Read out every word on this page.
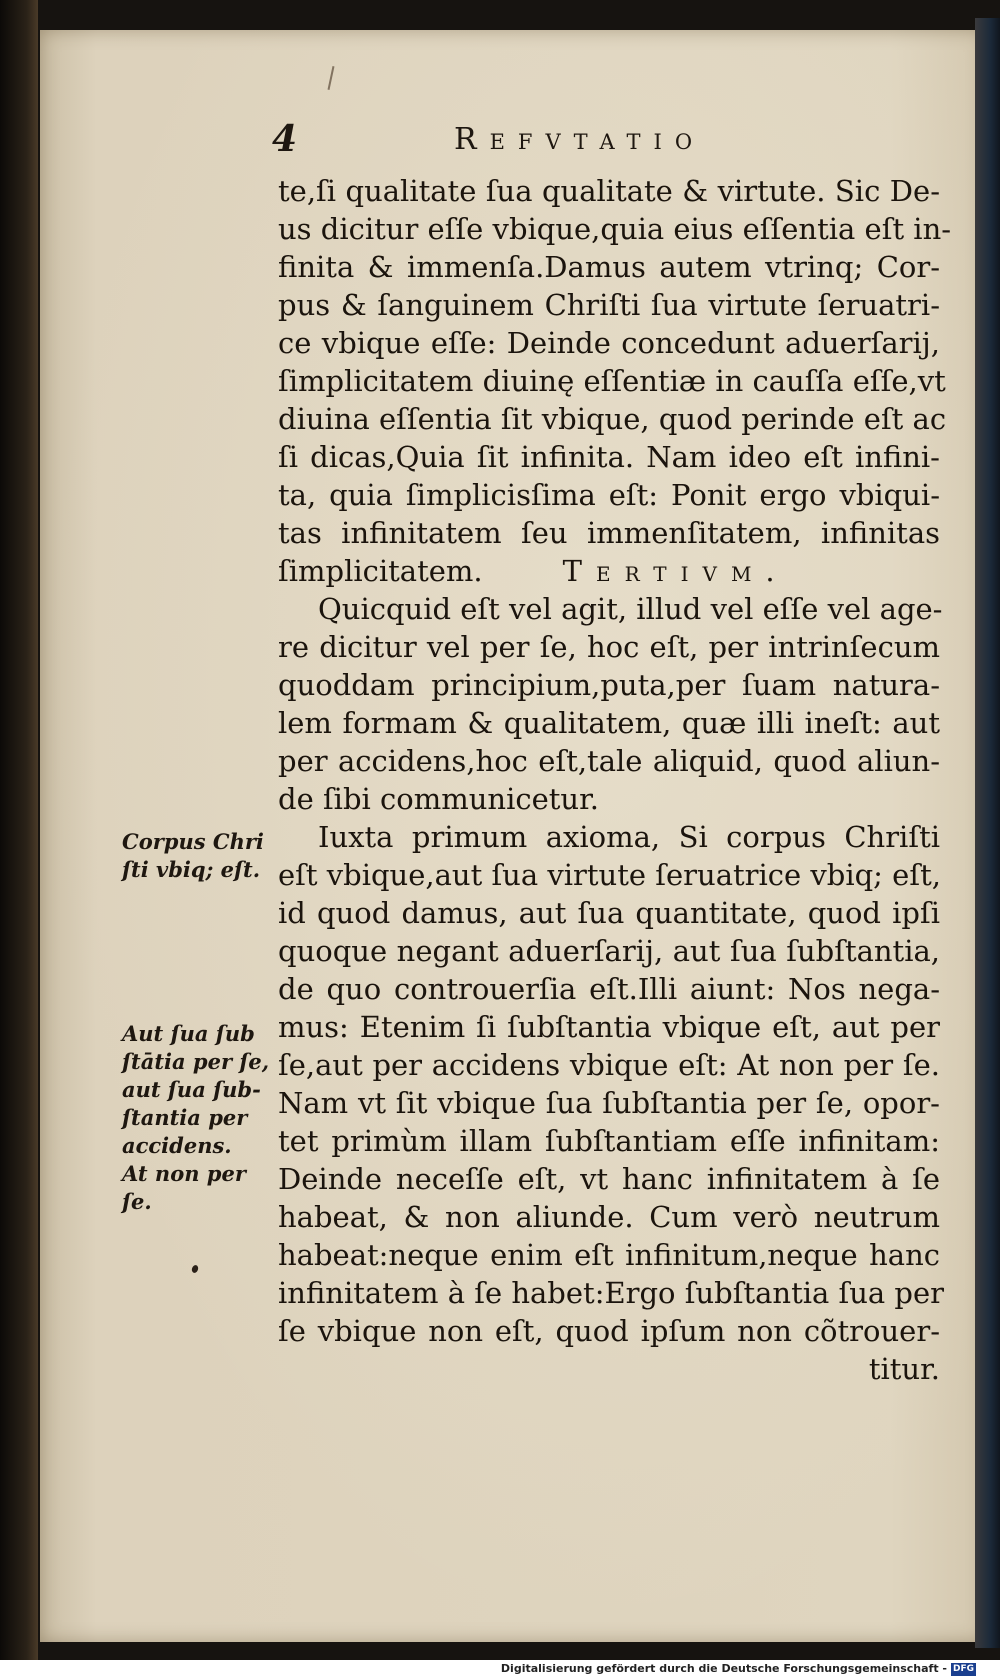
4	Refvtatio
te,ſi qualitate ſua qualitate & virtute. Sic De-
us dicitur eſſe vbique,quia eius eſſentia eſt in-
finita & immenſa.Damus autem vtrinq; Cor-
pus & ſanguinem Chriſti ſua virtute ſeruatri-
ce vbique eſſe: Deinde concedunt aduerſarij,
ſimplicitatem diuinę eſſentiæ in cauſſa eſſe,vt
diuina eſſentia ſit vbique, quod perinde eſt ac
ſi dicas,Quia ſit infinita. Nam ideo eſt infini-
ta, quia ſimplicisſima eſt: Ponit ergo vbiqui-
tas infinitatem ſeu immenſitatem, infinitas
ſimplicitatem.	Tertivm.
Quicquid eſt vel agit, illud vel eſſe vel age-
re dicitur vel per ſe, hoc eſt, per intrinſecum
quoddam principium,puta,per ſuam natura-
lem formam & qualitatem, quæ illi ineſt: aut
per accidens,hoc eſt,tale aliquid, quod aliun-
de ſibi communicetur.
Iuxta primum axioma, Si corpus Chriſti
eſt vbique,aut ſua virtute ſeruatrice vbiq; eſt,
id quod damus, aut ſua quantitate, quod ipſi
quoque negant aduerſarij, aut ſua ſubſtantia,
de quo controuerſia eſt.Illi aiunt: Nos nega-
mus: Etenim ſi ſubſtantia vbique eſt, aut per
ſe,aut per accidens vbique eſt: At non per ſe.
Nam vt ſit vbique ſua ſubſtantia per ſe, opor-
tet primùm illam ſubſtantiam eſſe infinitam:
Deinde neceſſe eſt, vt hanc infinitatem à ſe
habeat, & non aliunde. Cum verò neutrum
habeat:neque enim eſt infinitum,neque hanc
infinitatem à ſe habet:Ergo ſubſtantia ſua per
ſe vbique non eſt, quod ipſum non cõtrouer-
titur.
Corpus Chri
ſti vbiq; eſt.
Aut ſua ſub
ſtātia per ſe,
aut ſua ſub-
ſtantia per
accidens.
At non per
ſe.
Digitalisierung gefördert durch die Deutsche Forschungsgemeinschaft - DFG
